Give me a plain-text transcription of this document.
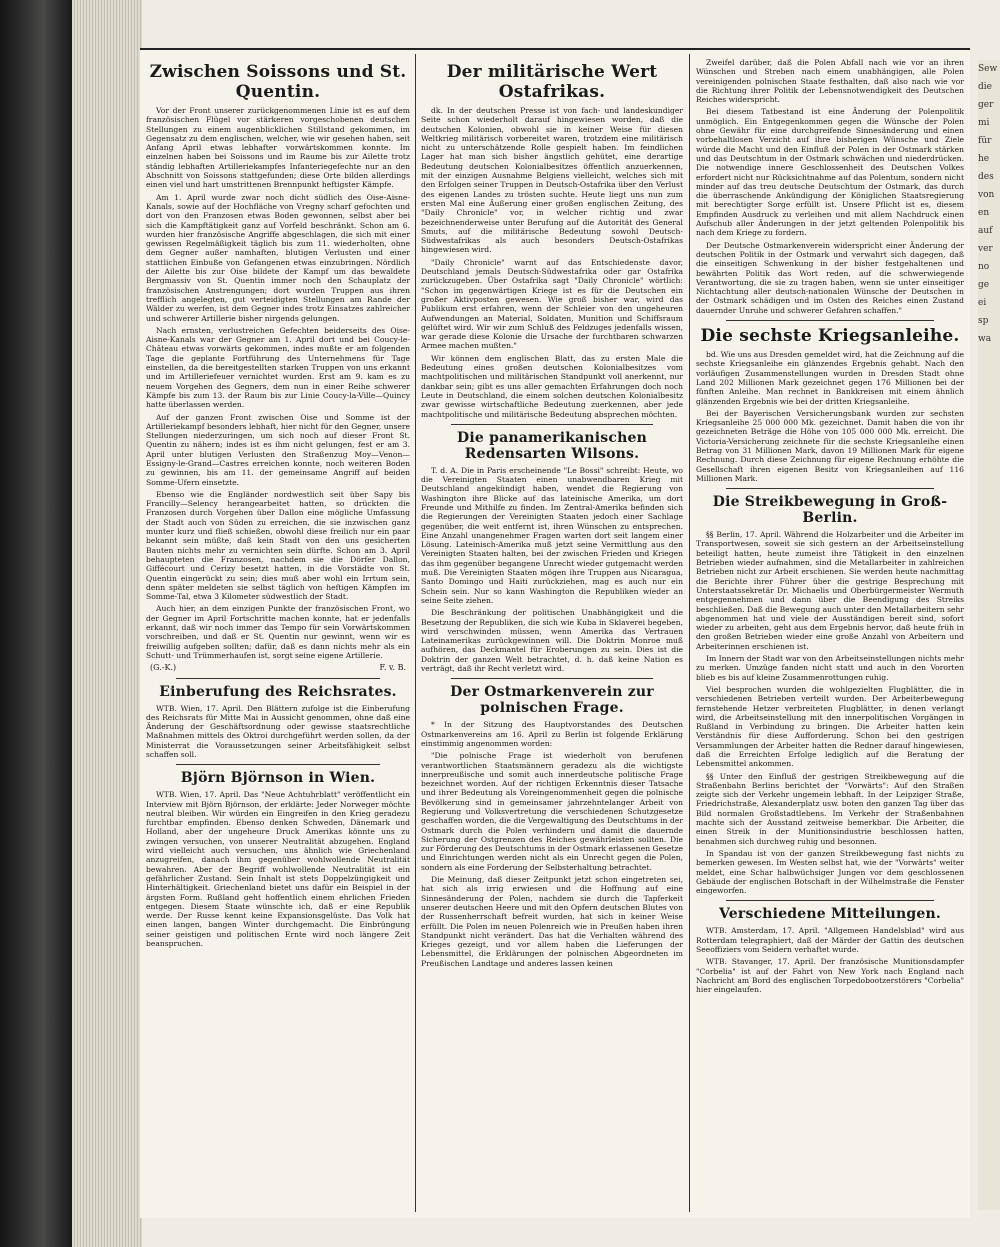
Zwischen Soissons und St. Quentin.

Vor der Front unserer zurückgenommenen Linie ist es auf dem französischen Flügel vor stärkeren vorgeschobenen deutschen Stellungen zu einem augenblicklichen Stillstand gekommen, im Gegensatz zu dem englischen, welcher, wie wir gesehen haben, seit Anfang April etwas lebhafter vorwärtskommen konnte. Im einzelnen haben bei Soissons und im Raume bis zur Ailette trotz ständig lebhaften Artilleriekampfes Infanteriegefechte nur an den Abschnitt von Soissons stattgefunden; diese Orte bilden allerdings einen viel und hart umstrittenen Brennpunkt heftigster Kämpfe.

Am 1. April wurde zwar noch dicht südlich des Oise-Aisne-Kanals, sowie auf der Hochfläche von Vregny scharf gefochten und dort von den Franzosen etwas Boden gewonnen, selbst aber bei sich die Kampftätigkeit ganz auf Vorfeld beschränkt. Schon am 6. wurden hier französische Angriffe abgeschlagen, die sich mit einer gewissen Regelmäßigkeit täglich bis zum 11. wiederholten, ohne dem Gegner außer namhaften, blutigen Verlusten und einer stattlichen Einbuße von Gefangenen etwas einzubringen. Nördlich der Ailette bis zur Oise bildete der Kampf um das bewaldete Bergmassiv von St. Quentin immer noch den Schauplatz der französischen Anstrengungen; dort wurden Truppen aus ihren trefflich angelegten, gut verteidigten Stellungen am Rande der Wälder zu werfen, ist dem Gegner indes trotz Einsatzes zahlreicher und schwerer Artillerie bisher nirgends gelungen.

Nach ernsten, verlustreichen Gefechten beiderseits des Oise-Aisne-Kanals war der Gegner am 1. April dort und bei Coucy-le-Château etwas vorwärts gekommen, indes mußte er am folgenden Tage die geplante Fortführung des Unternehmens für Tage einstellen, da die bereitgestellten starken Truppen von uns erkannt und im Artilleriefeuer vernichtet wurden. Erst am 9. kam es zu neuem Vorgehen des Gegners, dem nun in einer Reihe schwerer Kämpfe bis zum 13. der Raum bis zur Linie Coucy-la-Ville—Quincy hatte überlassen werden.

Auf der ganzen Front zwischen Oise und Somme ist der Artilleriekampf besonders lebhaft, hier nicht für den Gegner, unsere Stellungen niederzuringen, um sich noch auf dieser Front St. Quentin zu nähern; indes ist es ihm nicht gelungen, fest er am 3. April unter blutigen Verlusten den Straßenzug Moy—Venon—Essigny-le-Grand—Castres erreichen konnte, noch weiteren Boden zu gewinnen, bis am 11. der gemeinsame Angriff auf beiden Somme-Ufern einsetzte.

Ebenso wie die Engländer nordwestlich seit über Sapy bis Francilly—Selency herangearbeitet hatten, so drückten die Franzosen durch Vorgehen über Dallon eine mögliche Umfassung der Stadt auch von Süden zu erreichen, die sie inzwischen ganz munter kurz und fließ schießen, obwohl diese freilich nur ein paar bekannt sein müßte, daß kein Stadt von den uns gesicherten Bauten nichts mehr zu vernichten sein dürfte. Schon am 3. April behaupteten die Franzosen, nachdem sie die Dörfer Dallon, Giffécourt und Cerizy besetzt hatten, in die Vorstädte von St. Quentin eingerückt zu sein; dies muß aber wohl ein Irrtum sein, denn später meldeten sie selbst täglich von heftigen Kämpfen im Somme-Tal, etwa 3 Kilometer südwestlich der Stadt.

Auch hier, an dem einzigen Punkte der französischen Front, wo der Gegner im April Fortschritte machen konnte, hat er jedenfalls erkannt, daß wir noch immer das Tempo für sein Vorwärtskommen vorschreiben, und daß er St. Quentin nur gewinnt, wenn wir es freiwillig aufgeben sollten; dafür, daß es dann nichts mehr als ein Schutt- und Trümmerhaufen ist, sorgt seine eigene Artillerie.

(G.-K.)	F. v. B.
Einberufung des Reichsrates.

WTB. Wien, 17. April. Den Blättern zufolge ist die Einberufung des Reichsrats für Mitte Mai in Aussicht genommen, ohne daß eine Änderung der Geschäftsordnung oder gewisse staatsrechtliche Maßnahmen mittels des Oktroi durchgeführt werden sollen, da der Ministerrat die Voraussetzungen seiner Arbeitsfähigkeit selbst schaffen soll.

Björn Björnson in Wien.

WTB. Wien, 17. April. Das "Neue Achtuhrblatt" veröffentlicht ein Interview mit Björn Björnson, der erklärte: Jeder Norweger möchte neutral bleiben. Wir würden ein Eingreifen in den Krieg geradezu furchtbar empfinden. Ebenso denken Schweden, Dänemark und Holland, aber der ungeheure Druck Amerikas könnte uns zu zwingen versuchen, von unserer Neutralität abzugehen. England wird vielleicht auch versuchen, uns ähnlich wie Griechenland anzugreifen, danach ihm gegenüber wohlwollende Neutralität bewahren. Aber der Begriff wohlwollende Neutralität ist ein gefährlicher Zustand. Sein Inhalt ist stets Doppelzüngigkeit und Hinterhältigkeit. Griechenland bietet uns dafür ein Beispiel in der ärgsten Form. Rußland geht hoffentlich einem ehrlichen Frieden entgegen. Diesem Staate wünschte ich, daß er eine Republik werde. Der Russe kennt keine Expansionsgelüste. Das Volk hat einen langen, bangen Winter durchgemacht. Die Einbrüngung seiner geistigen und politischen Ernte wird noch längere Zeit beanspruchen.

Der militärische Wert Ostafrikas.

dk. In der deutschen Presse ist von fach- und landeskundiger Seite schon wiederholt darauf hingewiesen worden, daß die deutschen Kolonien, obwohl sie in keiner Weise für diesen Weltkrieg militärisch vorbereitet waren, trotzdem eine militärisch nicht zu unterschätzende Rolle gespielt haben. Im feindlichen Lager hat man sich bisher ängstlich gehütet, eine derartige Bedeutung deutschen Kolonialbesitzes öffentlich anzuerkennen, mit der einzigen Ausnahme Belgiens vielleicht, welches sich mit den Erfolgen seiner Truppen in Deutsch-Ostafrika über den Verlust des eigenen Landes zu trösten suchte. Heute liegt uns nun zum ersten Mal eine Äußerung einer großen englischen Zeitung, des "Daily Chronicle" vor, in welcher richtig und zwar bezeichnenderweise unter Berufung auf die Autorität des General Smuts, auf die militärische Bedeutung sowohl Deutsch-Südwestafrikas als auch besonders Deutsch-Ostafrikas hingewiesen wird.

"Daily Chronicle" warnt auf das Entschiedenste davor, Deutschland jemals Deutsch-Südwestafrika oder gar Ostafrika zurückzugeben. Über Ostafrika sagt "Daily Chronicle" wörtlich: "Schon im gegenwärtigen Kriege ist es für die Deutschen ein großer Aktivposten gewesen. Wie groß bisher war, wird das Publikum erst erfahren, wenn der Schleier von den ungeheuren Aufwendungen an Material, Soldaten, Munition und Schiffsraum gelüftet wird. Wir wir zum Schluß des Feldzuges jedenfalls wissen, war gerade diese Kolonie die Ursache der furchtbaren schwarzen Armee machen mußten."

Wir können dem englischen Blatt, das zu ersten Male die Bedeutung eines großen deutschen Kolonialbesitzes vom machtpolitischen und militärischen Standpunkt voll anerkennt, nur dankbar sein; gibt es uns aller gemachten Erfahrungen doch noch Leute in Deutschland, die einem solchen deutschen Kolonialbesitz zwar gewisse wirtschaftliche Bedeutung zuerkennen, aber jede machtpolitische und militärische Bedeutung absprechen möchten.

Die panamerikanischen Redensarten Wilsons.

T. d. A. Die in Paris erscheinende "Le Bossi" schreibt: Heute, wo die Vereinigten Staaten einen unabwendbaren Krieg mit Deutschland angekündigt haben, wendet die Regierung von Washington ihre Blicke auf das lateinische Amerika, um dort Freunde und Mithilfe zu finden. Im Zentral-Amerika befinden sich die Regierungen der Vereinigten Staaten jedoch einer Sachlage gegenüber, die weit entfernt ist, ihren Wünschen zu entsprechen. Eine Anzahl unangenehmer Fragen warten dort seit langem einer Lösung. Lateinisch-Amerika muß jetzt seine Vermittlung aus den Vereinigten Staaten halten, bei der zwischen Frieden und Kriegen das ihm gegenüber begangene Unrecht wieder gutgemacht werden muß. Die Vereinigten Staaten mögen ihre Truppen aus Nicaragua, Santo Domingo und Haiti zurückziehen, mag es auch nur ein Schein sein. Nur so kann Washington die Republiken wieder an seine Seite ziehen.

Die Beschränkung der politischen Unabhängigkeit und die Besetzung der Republiken, die sich wie Kuba in Sklaverei begeben, wird verschwinden müssen, wenn Amerika das Vertrauen Lateinamerikas zurückgewinnen will. Die Doktrin Monroe muß aufhören, das Deckmantel für Eroberungen zu sein. Dies ist die Doktrin der ganzen Welt betrachtet, d. h. daß keine Nation es verträgt, daß ihr Recht verletzt wird.

Der Ostmarkenverein zur polnischen Frage.

* In der Sitzung des Hauptvorstandes des Deutschen Ostmarkenvereins am 16. April zu Berlin ist folgende Erklärung einstimmig angenommen worden:

"Die polnische Frage ist wiederholt von berufenen verantwortlichen Staatsmännern geradezu als die wichtigste innerpreußische und somit auch innerdeutsche politische Frage bezeichnet worden. Auf der richtigen Erkenntnis dieser Tatsache und ihrer Bedeutung als Voreingenommenheit gegen die polnische Bevölkerung sind in gemeinsamer jahrzehntelanger Arbeit von Regierung und Volksvertretung die verschiedenen Schutzgesetze geschaffen worden, die die Vergewaltigung des Deutschtums in der Ostmark durch die Polen verhindern und damit die dauernde Sicherung der Ostgrenzen des Reiches gewährleisten sollten. Die zur Förderung des Deutschtums in der Ostmark erlassenen Gesetze und Einrichtungen werden nicht als ein Unrecht gegen die Polen, sondern als eine Forderung der Selbsterhaltung betrachtet.

Die Meinung, daß dieser Zeitpunkt jetzt schon eingetreten sei, hat sich als irrig erwiesen und die Hoffnung auf eine Sinnesänderung der Polen, nachdem sie durch die Tapferkeit unserer deutschen Heere und mit den Opfern deutschen Blutes von der Russenherrschaft befreit wurden, hat sich in keiner Weise erfüllt. Die Polen im neuen Polenreich wie in Preußen haben ihren Standpunkt nicht verändert. Das hat die Verhalten während des Krieges gezeigt, und vor allem haben die Lieferungen der Lebensmittel, die Erklärungen der polnischen Abgeordneten im Preußischen Landtage und anderes lassen keinen

Zweifel darüber, daß die Polen Abfall nach wie vor an ihren Wünschen und Streben nach einem unabhängigen, alle Polen vereinigenden polnischen Staate festhalten, daß also nach wie vor die Richtung ihrer Politik der Lebensnotwendigkeit des Deutschen Reiches widerspricht.

Bei diesem Tatbestand ist eine Änderung der Polenpolitik unmöglich. Ein Entgegenkommen gegen die Wünsche der Polen ohne Gewähr für eine durchgreifende Sinnesänderung und einen vorbehaltlosen Verzicht auf ihre bisherigen Wünsche und Ziele würde die Macht und den Einfluß der Polen in der Ostmark stärken und das Deutschtum in der Ostmark schwächen und niederdrücken. Die notwendige innere Geschlossenheit des Deutschen Volkes erfordert nicht nur Rücksichtnahme auf das Polentum, sondern nicht minder auf das treu deutsche Deutschtum der Ostmark, das durch die überraschende Ankündigung der Königlichen Staatsregierung mit berechtigter Sorge erfüllt ist. Unsere Pflicht ist es, diesem Empfinden Ausdruck zu verleihen und mit allem Nachdruck einen Aufschub aller Änderungen in der jetzt geltenden Polenpolitik bis nach dem Kriege zu fordern.

Der Deutsche Ostmarkenverein widerspricht einer Änderung der deutschen Politik in der Ostmark und verwahrt sich dagegen, daß die einseitigen Schwenkung in der bisher festgehaltenen und bewährten Politik das Wort reden, auf die schwerwiegende Verantwortung, die sie zu tragen haben, wenn sie unter einseitiger Nichtachtung aller deutsch-nationalen Wünsche der Deutschen in der Ostmark schädigen und im Osten des Reiches einen Zustand dauernder Unruhe und schwerer Gefahren schaffen."

Die sechste Kriegsanleihe.

bd. Wie uns aus Dresden gemeldet wird, hat die Zeichnung auf die sechste Kriegsanleihe ein glänzendes Ergebnis gehabt. Nach den vorläufigen Zusammenstellungen wurden in Dresden Stadt ohne Land 202 Millionen Mark gezeichnet gegen 176 Millionen bei der fünften Anleihe. Man rechnet in Bankkreisen mit einem ähnlich glänzenden Ergebnis wie bei der dritten Kriegsanleihe.

Bei der Bayerischen Versicherungsbank wurden zur sechsten Kriegsanleihe 25 000 000 Mk. gezeichnet. Damit haben die von ihr gezeichneten Beträge die Höhe von 105 000 000 Mk. erreicht. Die Victoria-Versicherung zeichnete für die sechste Kriegsanleihe einen Betrag von 31 Millionen Mark, davon 19 Millionen Mark für eigene Rechnung. Durch diese Zeichnung für eigene Rechnung erhöhte die Gesellschaft ihren eigenen Besitz von Kriegsanleihen auf 116 Millionen Mark.

Die Streikbewegung in Groß-Berlin.

§§ Berlin, 17. April. Während die Holzarbeiter und die Arbeiter im Transportwesen, soweit sie sich gestern an der Arbeitseinstellung beteiligt hatten, heute zumeist ihre Tätigkeit in den einzelnen Betrieben wieder aufnahmen, sind die Metallarbeiter in zahlreichen Betrieben nicht zur Arbeit erschienen. Sie werden heute nachmittag die Berichte ihrer Führer über die gestrige Besprechung mit Unterstaatssekretär Dr. Michaelis und Oberbürgermeister Wermuth entgegennehmen und dann über die Beendigung des Streiks beschließen. Daß die Bewegung auch unter den Metallarbeitern sehr abgenommen hat und viele der Ausständigen bereit sind, sofort wieder zu arbeiten, geht aus dem Ergebnis hervor, daß heute früh in den großen Betrieben wieder eine große Anzahl von Arbeitern und Arbeiterinnen erschienen ist.

Im Innern der Stadt war von den Arbeitseinstellungen nichts mehr zu merken. Umzüge fanden nicht statt und auch in den Vororten blieb es bis auf kleine Zusammenrottungen ruhig.

Viel besprochen wurden die wohlgezielten Flugblätter, die in verschiedenen Betrieben verteilt wurden. Der Arbeiterbewegung fernstehende Hetzer verbreiteten Flugblätter, in denen verlangt wird, die Arbeitseinstellung mit den innerpolitischen Vorgängen in Rußland in Verbindung zu bringen. Die Arbeiter hatten kein Verständnis für diese Aufforderung. Schon bei den gestrigen Versammlungen der Arbeiter hatten die Redner darauf hingewiesen, daß die Erreichten Erfolge lediglich auf die Beratung der Lebensmittel ankommen.

§§ Unter den Einfluß der gestrigen Streikbewegung auf die Straßenbahn Berlins berichtet der "Vorwärts": Auf den Straßen zeigte sich der Verkehr ungemein lebhaft. In der Leipziger Straße, Friedrichstraße, Alexanderplatz usw. boten den ganzen Tag über das Bild normalen Großstadtlebens. Im Verkehr der Straßenbahnen machte sich der Ausstand zeitweise bemerkbar. Die Arbeiter, die einen Streik in der Munitionsindustrie beschlossen hatten, benahmen sich durchweg ruhig und besonnen.

In Spandau ist von der ganzen Streikbewegung fast nichts zu bemerken gewesen. Im Westen selbst hat, wie der "Vorwärts" weiter meldet, eine Schar halbwüchsiger Jungen vor dem geschlossenen Gebäude der englischen Botschaft in der Wilhelmstraße die Fenster eingeworfen.

Verschiedene Mitteilungen.

WTB. Amsterdam, 17. April. "Allgemeen Handelsblad" wird aus Rotterdam telegraphiert, daß der Märder der Gattin des deutschen Seeoffiziers vom Seidern verhaftet wurde.

WTB. Stavanger, 17. April. Der französische Munitionsdampfer "Corbelia" ist auf der Fahrt von New York nach England nach Nachricht am Bord des englischen Torpedobootzerstörers "Corbelia" hier eingelaufen.

Sew
die
ger
mi
für
he
des
von
en
auf
ver
no
ge
ei
sp
wa
